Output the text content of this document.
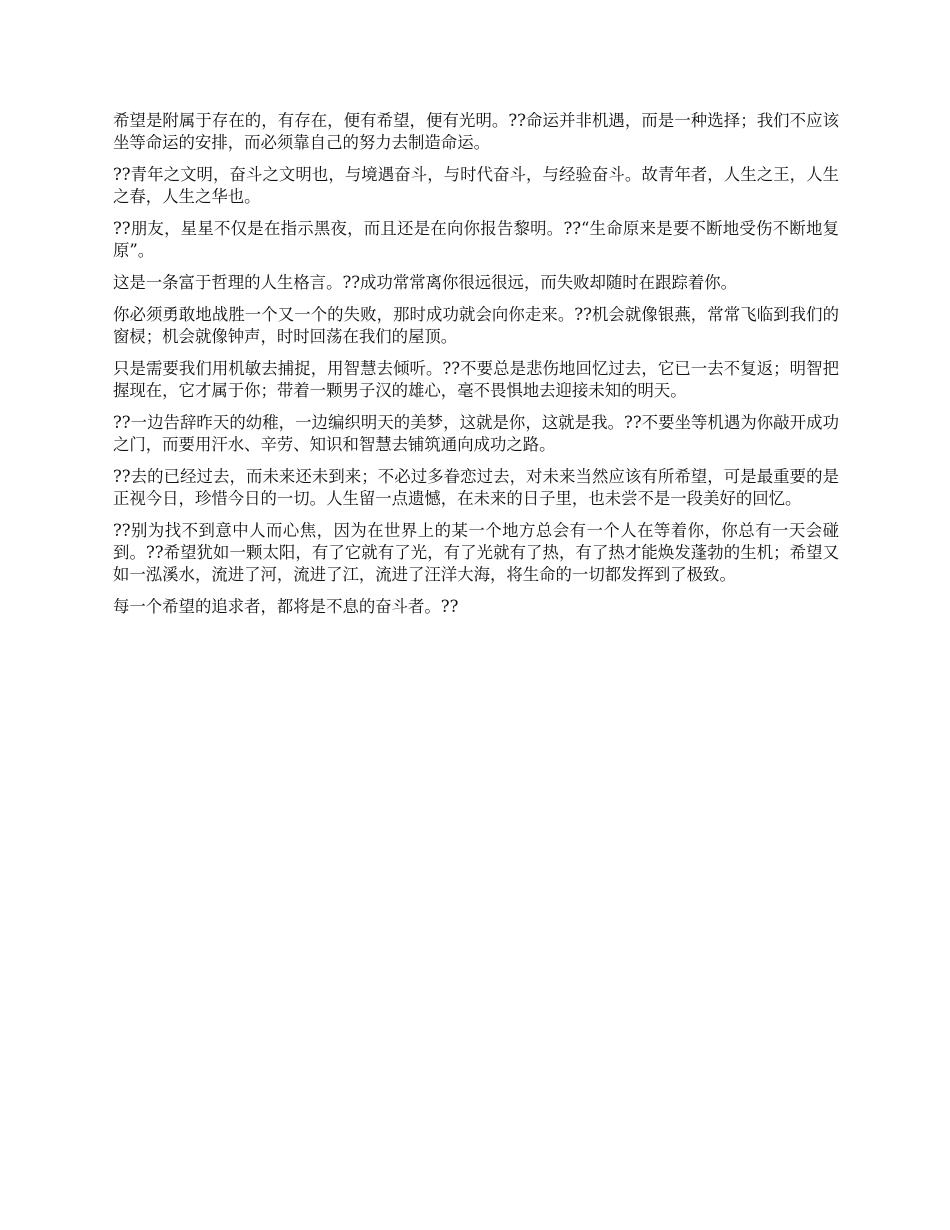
希望是附属于存在的，有存在，便有希望，便有光明。??命运并非机遇，而是一种选择；我们不应该坐等命运的安排，而必须靠自己的努力去制造命运。

??青年之文明，奋斗之文明也，与境遇奋斗，与时代奋斗，与经验奋斗。故青年者，人生之王，人生之春，人生之华也。

??朋友，星星不仅是在指示黑夜，而且还是在向你报告黎明。??“生命原来是要不断地受伤不断地复原”。

这是一条富于哲理的人生格言。??成功常常离你很远很远，而失败却随时在跟踪着你。

你必须勇敢地战胜一个又一个的失败，那时成功就会向你走来。??机会就像银燕，常常飞临到我们的窗棂；机会就像钟声，时时回荡在我们的屋顶。

只是需要我们用机敏去捕捉，用智慧去倾听。??不要总是悲伤地回忆过去，它已一去不复返；明智把握现在，它才属于你；带着一颗男子汉的雄心，毫不畏惧地去迎接未知的明天。

??一边告辞昨天的幼稚，一边编织明天的美梦，这就是你，这就是我。??不要坐等机遇为你敲开成功之门，而要用汗水、辛劳、知识和智慧去铺筑通向成功之路。

??去的已经过去，而未来还未到来；不必过多眷恋过去，对未来当然应该有所希望，可是最重要的是正视今日，珍惜今日的一切。人生留一点遗憾，在未来的日子里，也未尝不是一段美好的回忆。

??别为找不到意中人而心焦，因为在世界上的某一个地方总会有一个人在等着你，你总有一天会碰到。??希望犹如一颗太阳，有了它就有了光，有了光就有了热，有了热才能焕发蓬勃的生机；希望又如一泓溪水，流进了河，流进了江，流进了汪洋大海，将生命的一切都发挥到了极致。

每一个希望的追求者，都将是不息的奋斗者。??
